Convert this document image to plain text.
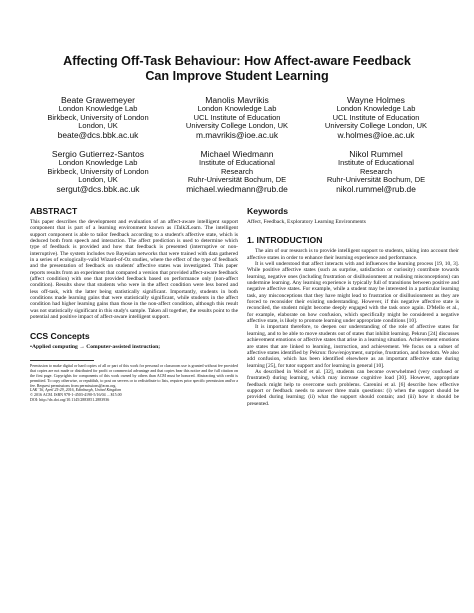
Affecting Off-Task Behaviour: How Affect-aware Feedback
Can Improve Student Learning
Beate Grawemeyer
London Knowledge Lab
Birkbeck, University of London
London, UK
beate@dcs.bbk.ac.uk
Manolis Mavrikis
London Knowledge Lab
UCL Institute of Education
University College London, UK
m.mavrikis@ioe.ac.uk
Wayne Holmes
London Knowledge Lab
UCL Institute of Education
University College London, UK
w.holmes@ioe.ac.uk
Sergio Gutierrez-Santos
London Knowledge Lab
Birkbeck, University of London
London, UK
sergut@dcs.bbk.ac.uk
Michael Wiedmann
Institute of Educational
Research
Ruhr-Universität Bochum, DE
michael.wiedmann@rub.de
Nikol Rummel
Institute of Educational
Research
Ruhr-Universität Bochum, DE
nikol.rummel@rub.de
ABSTRACT

This paper describes the development and evaluation of an affect-aware intelligent support component that is part of a learning environment known as iTalk2Learn. The intelligent support component is able to tailor feedback according to a student's affective state, which is deduced both from speech and interaction. The affect prediction is used to determine which type of feedback is provided and how that feedback is presented (interruptive or non-interruptive). The system includes two Bayesian networks that were trained with data gathered in a series of ecologically-valid Wizard-of-Oz studies, where the effect of the type of feedback and the presentation of feedback on students' affective states was investigated. This paper reports results from an experiment that compared a version that provided affect-aware feedback (affect condition) with one that provided feedback based on performance only (non-affect condition). Results show that students who were in the affect condition were less bored and less off-task, with the latter being statistically significant. Importantly, students in both conditions made learning gains that were statistically significant, while students in the affect condition had higher learning gains than those in the non-affect condition, although this result was not statistically significant in this study's sample. Taken all together, the results point to the potential and positive impact of affect-aware intelligent support.

CCS Concepts

•Applied computing → Computer-assisted instruction;

Permission to make digital or hard copies of all or part of this work for personal or classroom use is granted without fee provided that copies are not made or distributed for profit or commercial advantage and that copies bear this notice and the full citation on the first page. Copyrights for components of this work owned by others than ACM must be honored. Abstracting with credit is permitted. To copy otherwise, or republish, to post on servers or to redistribute to lists, requires prior specific permission and/or a fee. Request permissions from permissions@acm.org.

LAK '16, April 25-29, 2016, Edinburgh, United Kingdom

© 2016 ACM. ISBN 978-1-4503-4190-5/16/04 ... $15.00

DOI: http://dx.doi.org/10.1145/2883851.2883936

Keywords

Affect, Feedback, Exploratory Learning Environments

1. INTRODUCTION

The aim of our research is to provide intelligent support to students, taking into account their affective states in order to enhance their learning experience and performance.

It is well understood that affect interacts with and influences the learning process [19, 10, 3]. While positive affective states (such as surprise, satisfaction or curiosity) contribute towards learning, negative ones (including frustration or disillusionment at realising misconceptions) can undermine learning. Any learning experience is typically full of transitions between positive and negative affective states. For example, while a student may be interested in a particular learning task, any misconceptions that they have might lead to frustration or disillusionment as they are forced to reconsider their existing understanding. However, if this negative affective state is reconciled, the student might become deeply engaged with the task once again. D'Mello et al., for example, elaborate on how confusion, which specifically might be considered a negative affective state, is likely to promote learning under appropriate conditions [10].

It is important therefore, to deepen our understanding of the role of affective states for learning, and to be able to move students out of states that inhibit learning. Pekrun [24] discusses achievement emotions or affective states that arise in a learning situation. Achievement emotions are states that are linked to learning, instruction, and achievement. We focus on a subset of affective states identified by Pekrun: flow/enjoyment, surprise, frustration, and boredom. We also add confusion, which has been identified elsewhere as an important affective state during learning [25], for tutor support and for learning in general [10].

As described in Woolf et al. [32], students can become overwhelmed (very confused or frustrated) during learning, which may increase cognitive load [30]. However, appropriate feedback might help to overcome such problems. Carenini et al. [6] describe how effective support or feedback needs to answer three main questions: (i) when the support should be provided during learning; (ii) what the support should contain; and (iii) how it should be presented.
